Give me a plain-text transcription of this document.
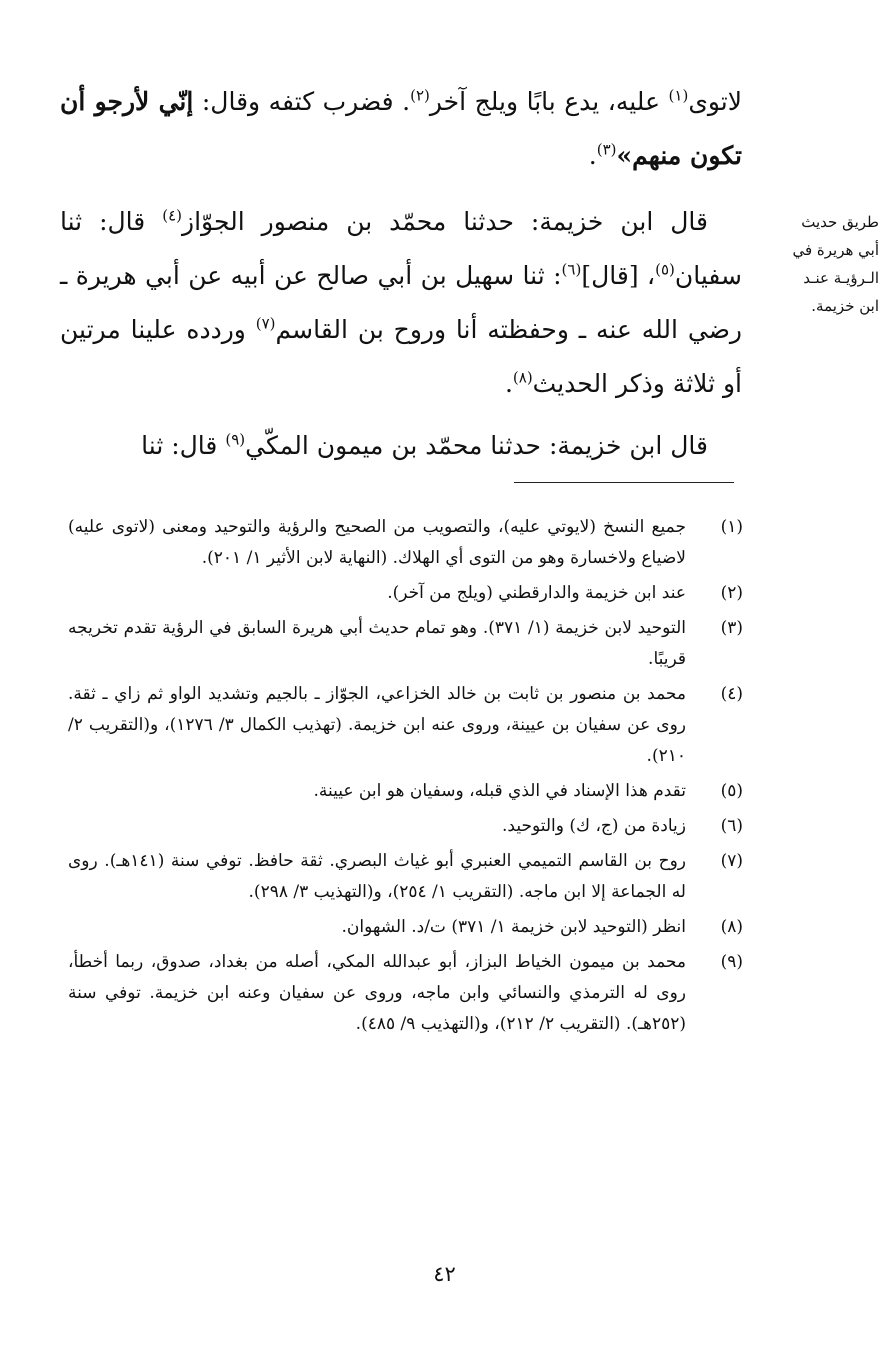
لاتوى$^{(١)}$ عليه، يدع بابًا ويلج آخر$^{(٢)}$. فضرب كتفه وقال: إنّي لأرجو أن تكون منهم»$^{(٣)}$.

قال ابن خزيمة: حدثنا محمّد بن منصور الجوّاز$^{(٤)}$ قال: ثنا سفيان$^{(٥)}$، [قال]$^{(٦)}$: ثنا سهيل بن أبي صالح عن أبيه عن أبي هريرة ـ رضي الله عنه ـ وحفظته أنا وروح بن القاسم$^{(٧)}$ وردده علينا مرتين أو ثلاثة وذكر الحديث$^{(٨)}$.

قال ابن خزيمة: حدثنا محمّد بن ميمون المكّي$^{(٩)}$ قال: ثنا

طريق حديث
أبي هريرة في
الـرؤيـة عنـد
ابن خزيمة.
(١)
جميع النسخ (لايوتي عليه)، والتصويب من الصحيح والرؤية والتوحيد ومعنى (لاتوى عليه) لاضياع ولاخسارة وهو من التوى أي الهلاك. (النهاية لابن الأثير ١/ ٢٠١).
(٢)
عند ابن خزيمة والدارقطني (ويلج من آخر).
(٣)
التوحيد لابن خزيمة (١/ ٣٧١). وهو تمام حديث أبي هريرة السابق في الرؤية تقدم تخريجه قريبًا.
(٤)
محمد بن منصور بن ثابت بن خالد الخزاعي، الجوّاز ـ بالجيم وتشديد الواو ثم زاي ـ ثقة. روى عن سفيان بن عيينة، وروى عنه ابن خزيمة. (تهذيب الكمال ٣/ ١٢٧٦)، و(التقريب ٢/ ٢١٠).
(٥)
تقدم هذا الإسناد في الذي قبله، وسفيان هو ابن عيينة.
(٦)
زيادة من (ج، ك) والتوحيد.
(٧)
روح بن القاسم التميمي العنبري أبو غياث البصري. ثقة حافظ. توفي سنة (١٤١هـ). روى له الجماعة إلا ابن ماجه. (التقريب ١/ ٢٥٤)، و(التهذيب ٣/ ٢٩٨).
(٨)
انظر (التوحيد لابن خزيمة ١/ ٣٧١) ت/د. الشهوان.
(٩)
محمد بن ميمون الخياط البزاز، أبو عبدالله المكي، أصله من بغداد، صدوق، ربما أخطأ، روى له الترمذي والنسائي وابن ماجه، وروى عن سفيان وعنه ابن خزيمة. توفي سنة (٢٥٢هـ). (التقريب ٢/ ٢١٢)، و(التهذيب ٩/ ٤٨٥).
٤٢
